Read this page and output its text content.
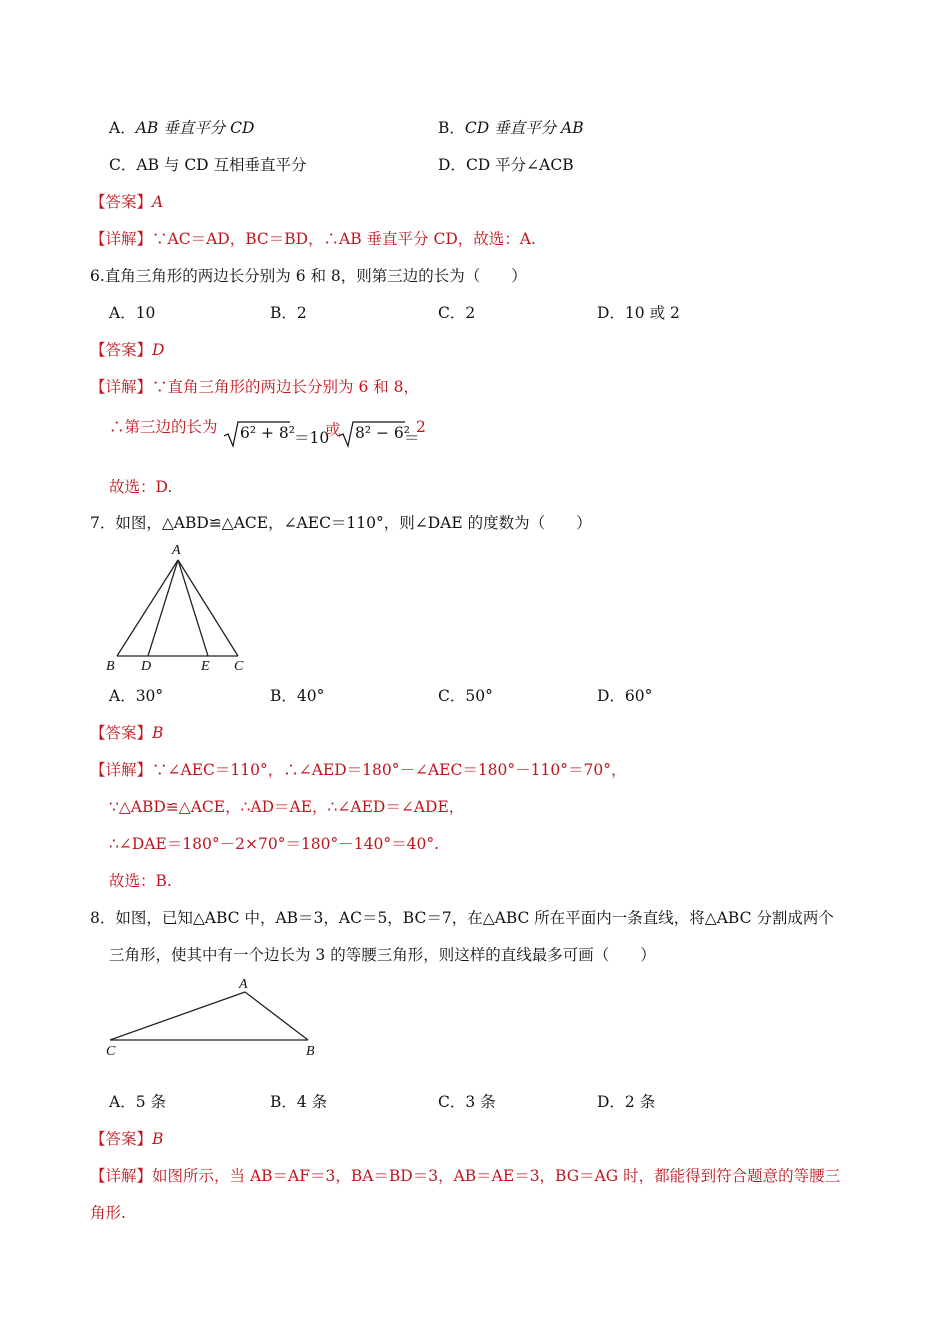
A．AB 垂直平分 CD	B．CD 垂直平分 AB
C．AB 与 CD 互相垂直平分	D．CD 平分∠ACB
【答案】A
【详解】∵AC＝AD，BC＝BD，∴AB 垂直平分 CD，故选：A.
6.直角三角形的两边长分别为 6 和 8，则第三边的长为（　　）
A．10	B．2	C．2	D．10 或 2
【答案】D
【详解】∵直角三角形的两边长分别为 6 和 8，
∴第三边的长为 6² + 8² ＝10
或 8² − 6²
＝
2
故选：D.
7．如图，△ABD≌△ACE，∠AEC＝110°，则∠DAE 的度数为（　　）
A
B D	E C
A．30°	B．40°	C．50°	D．60°
【答案】B
【详解】∵∠AEC＝110°，∴∠AED＝180°－∠AEC＝180°－110°＝70°，
∵△ABD≌△ACE，∴AD＝AE，∴∠AED＝∠ADE，
∴∠DAE＝180°－2×70°＝180°－140°＝40°.
故选：B.
8．如图，已知△ABC 中，AB＝3，AC＝5，BC＝7，在△ABC 所在平面内一条直线，将△ABC 分割成两个
三角形，使其中有一个边长为 3 的等腰三角形，则这样的直线最多可画（　　）
A
C	B
A．5 条	B．4 条	C．3 条	D．2 条
【答案】B
【详解】如图所示，当 AB＝AF＝3，BA＝BD＝3，AB＝AE＝3，BG＝AG 时，都能得到符合题意的等腰三
角形.
